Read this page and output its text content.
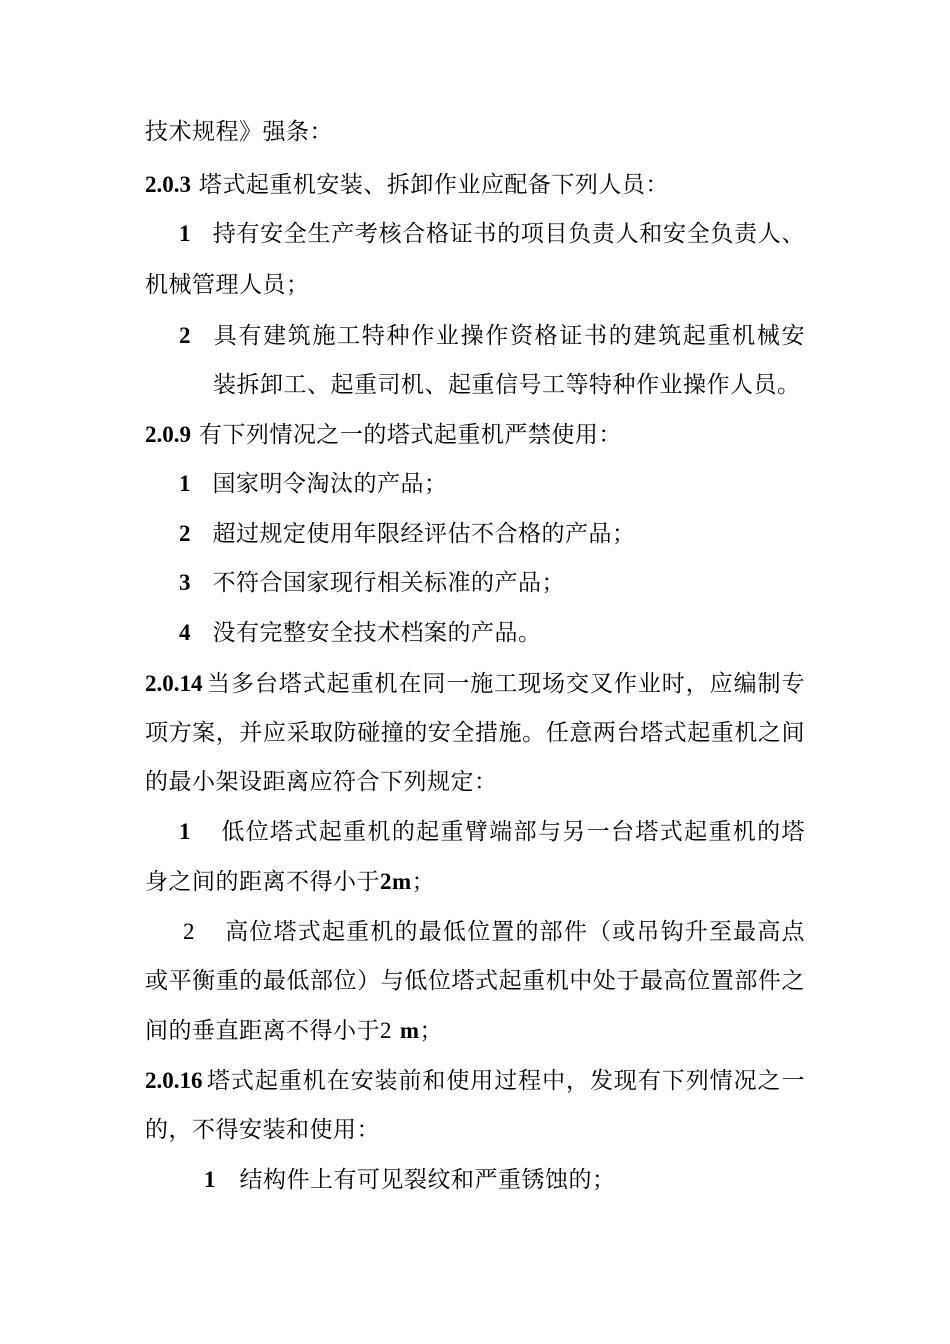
技术规程》强条：
2.0.3 塔式起重机安装、拆卸作业应配备下列人员：
1 持有安全生产考核合格证书的项目负责人和安全负责人、
机械管理人员；
2 具有建筑施工特种作业操作资格证书的建筑起重机械安
装拆卸工、起重司机、起重信号工等特种作业操作人员。
2.0.9 有下列情况之一的塔式起重机严禁使用：
1 国家明令淘汰的产品；
2 超过规定使用年限经评估不合格的产品；
3 不符合国家现行相关标准的产品；
4 没有完整安全技术档案的产品。
2.0.14 当多台塔式起重机在同一施工现场交叉作业时，应编制专
项方案，并应采取防碰撞的安全措施。任意两台塔式起重机之间
的最小架设距离应符合下列规定：
1 低位塔式起重机的起重臂端部与另一台塔式起重机的塔
身之间的距离不得小于2m；
2 高位塔式起重机的最低位置的部件（或吊钩升至最高点
或平衡重的最低部位）与低位塔式起重机中处于最高位置部件之
间的垂直距离不得小于2 m；
2.0.16 塔式起重机在安装前和使用过程中，发现有下列情况之一
的，不得安装和使用：
1 结构件上有可见裂纹和严重锈蚀的；
